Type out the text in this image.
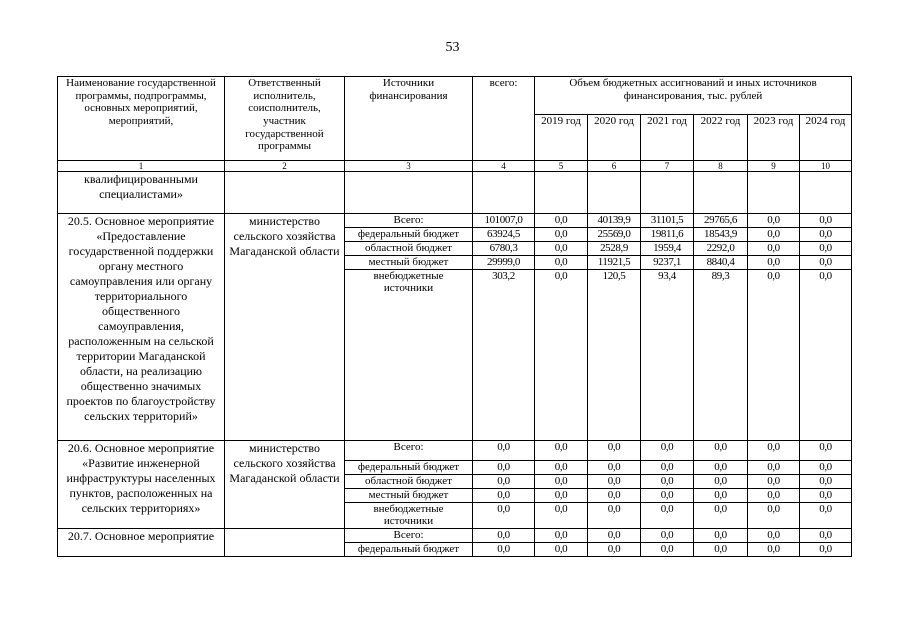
53
Наименование государственной программы, подпрограммы, основных мероприятий, мероприятий,	Ответственный исполнитель, соисполнитель, участник государственной программы	Источники финансирования	всего:	Объем бюджетных ассигнований и иных источников финансирования, тыс. рублей					
				2019 год	2020 год	2021 год	2022 год	2023 год	2024 год
1	2	3	4	5	6	7	8	9	10
квалифицированными специалистами»									
20.5. Основное мероприятие «Предоставление государственной поддержки органу местного самоуправления или органу территориального общественного самоуправления, расположенным на сельской территории Магаданской области, на реализацию общественно значимых проектов по благоустройству сельских территорий»	министерство сельского хозяйства Магаданской области	Всего:	101007,0	0,0	40139,9	31101,5	29765,6	0,0	0,0
		федеральный бюджет	63924,5	0,0	25569,0	19811,6	18543,9	0,0	0,0
		областной бюджет	6780,3	0,0	2528,9	1959,4	2292,0	0,0	0,0
		местный бюджет	29999,0	0,0	11921,5	9237,1	8840,4	0,0	0,0
		внебюджетные источники	303,2	0,0	120,5	93,4	89,3	0,0	0,0
20.6. Основное мероприятие «Развитие инженерной инфраструктуры населенных пунктов, расположенных на сельских территориях»	министерство сельского хозяйства Магаданской области	Всего:	0,0	0,0	0,0	0,0	0,0	0,0	0,0
		федеральный бюджет	0,0	0,0	0,0	0,0	0,0	0,0	0,0
		областной бюджет	0,0	0,0	0,0	0,0	0,0	0,0	0,0
		местный бюджет	0,0	0,0	0,0	0,0	0,0	0,0	0,0
		внебюджетные источники	0,0	0,0	0,0	0,0	0,0	0,0	0,0
20.7. Основное мероприятие		Всего:	0,0	0,0	0,0	0,0	0,0	0,0	0,0
		федеральный бюджет	0,0	0,0	0,0	0,0	0,0	0,0	0,0
